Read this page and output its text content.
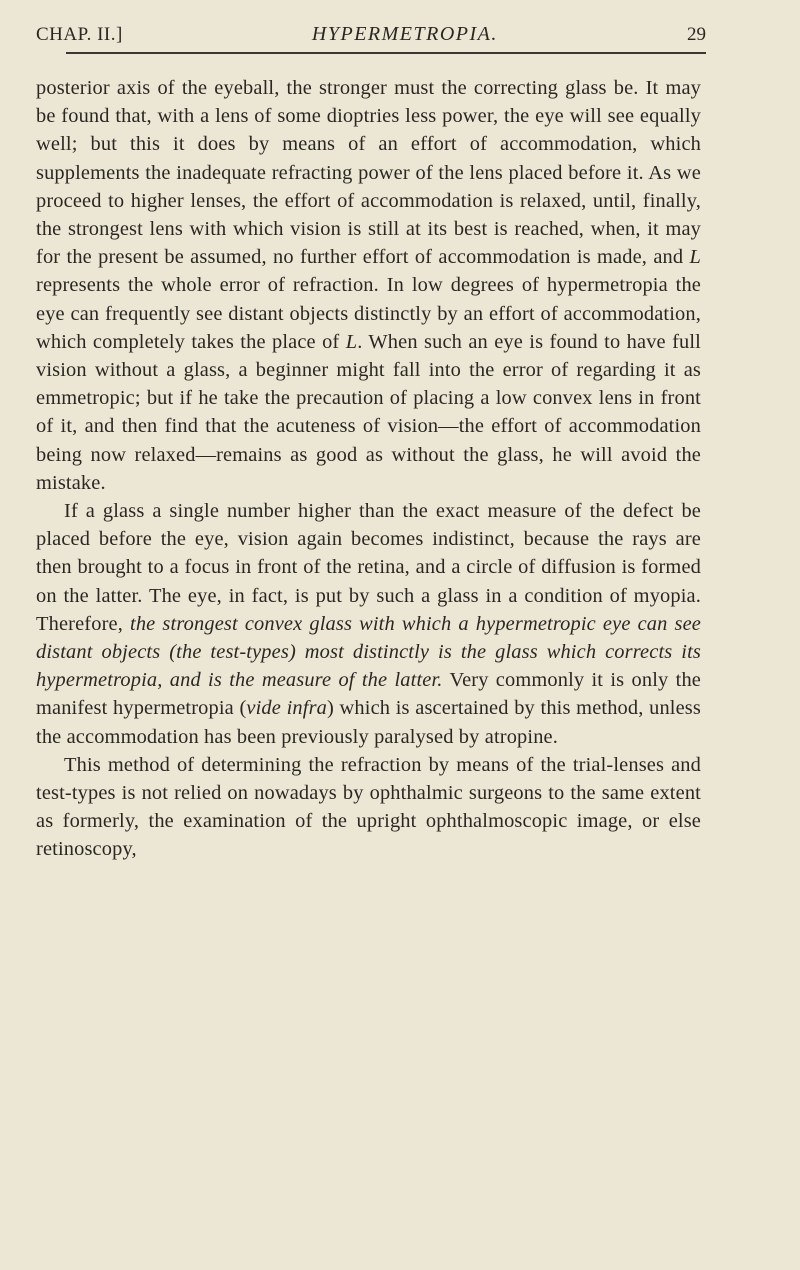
CHAP. II.]	HYPERMETROPIA.	29

posterior axis of the eyeball, the stronger must the correcting glass be. It may be found that, with a lens of some dioptries less power, the eye will see equally well; but this it does by means of an effort of accommodation, which supplements the inadequate refracting power of the lens placed before it. As we proceed to higher lenses, the effort of accommodation is relaxed, until, finally, the strongest lens with which vision is still at its best is reached, when, it may for the present be assumed, no further effort of accommodation is made, and L represents the whole error of refraction. In low degrees of hypermetropia the eye can frequently see distant objects distinctly by an effort of accommodation, which completely takes the place of L. When such an eye is found to have full vision without a glass, a beginner might fall into the error of regarding it as emmetropic; but if he take the precaution of placing a low convex lens in front of it, and then find that the acuteness of vision—the effort of accommodation being now relaxed—remains as good as without the glass, he will avoid the mistake.

If a glass a single number higher than the exact measure of the defect be placed before the eye, vision again becomes indistinct, because the rays are then brought to a focus in front of the retina, and a circle of diffusion is formed on the latter. The eye, in fact, is put by such a glass in a condition of myopia. Therefore, the strongest convex glass with which a hypermetropic eye can see distant objects (the test-types) most distinctly is the glass which corrects its hypermetropia, and is the measure of the latter. Very commonly it is only the manifest hypermetropia (vide infra) which is ascertained by this method, unless the accommodation has been previously paralysed by atropine.

This method of determining the refraction by means of the trial-lenses and test-types is not relied on nowadays by ophthalmic surgeons to the same extent as formerly, the examination of the upright ophthalmoscopic image, or else retinoscopy,
